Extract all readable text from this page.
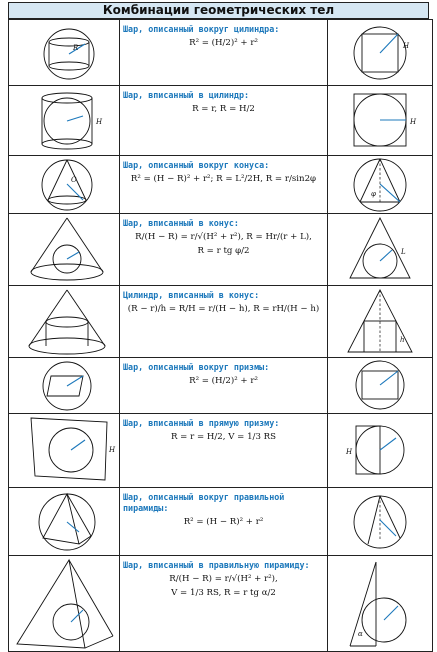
Комбинации геометрических тел
R	Шар, описанный вокруг цилиндра:
R² = (H/2)² + r²	H

H	Шар, вписанный в цилиндр:
R = r, R = H/2	H

O	Шар, описанный вокруг конуса:
R² = (H − R)² + r²; R = L²/2H, R = r/sin2φ	φ

Шар, вписанный в конус:
R/(H − R) = r/√(H² + r²), R = Hr/(r + L),
R = r tg φ/2	L

Цилиндр, вписанный в конус:
(R − r)/h = R/H = r/(H − h), R = rH/(H − h)	h

Шар, описанный вокруг призмы:
R² = (H/2)² + r²

H	Шар, вписанный в прямую призму:
R = r = H/2, V = 1/3 RS	H

Шар, описанный вокруг правильной пирамиды:
R² = (H − R)² + r²

Шар, вписанный в правильную пирамиду:
R/(H − R) = r/√(H² + r²),
V = 1/3 RS, R = r tg α/2	α
